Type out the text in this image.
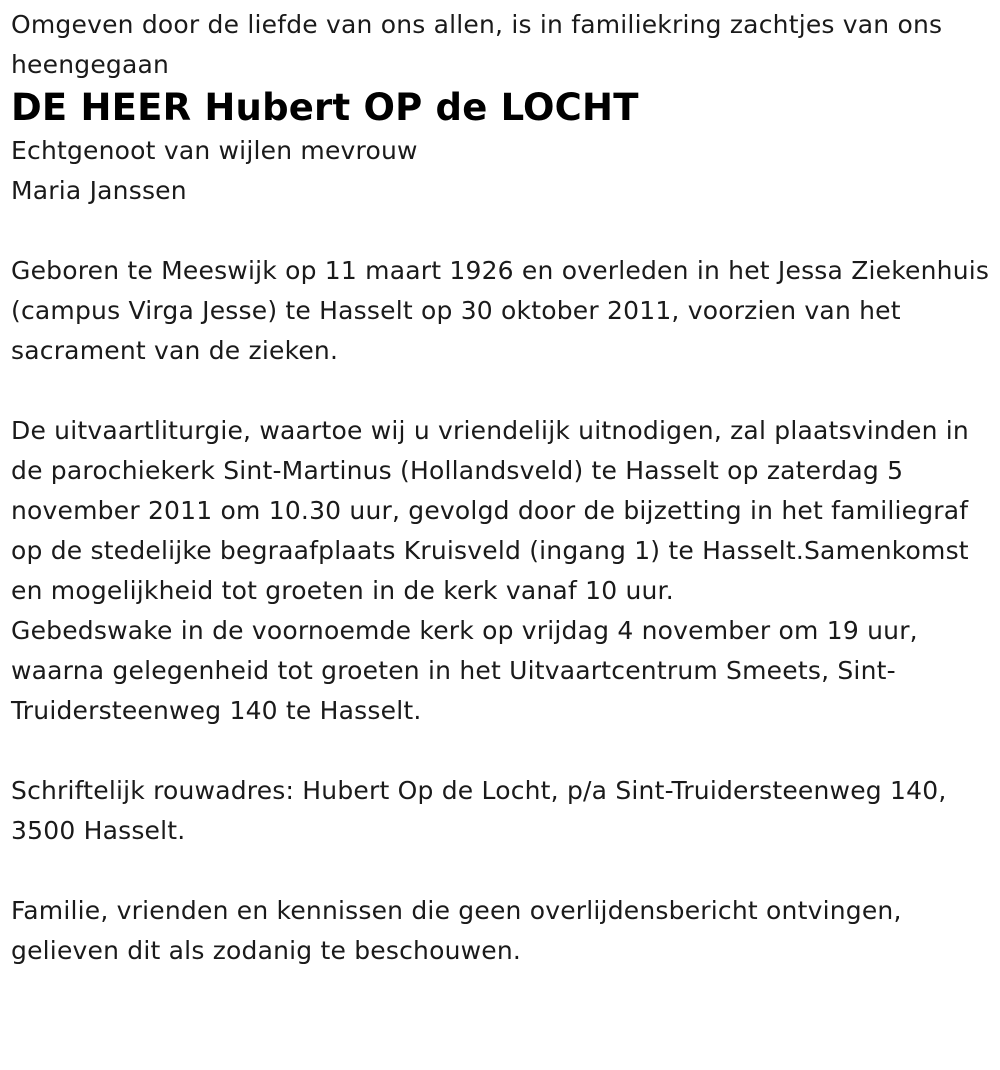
Omgeven door de liefde van ons allen, is in familiekring zachtjes van ons heengegaan

DE HEER Hubert OP de LOCHT

Echtgenoot van wijlen mevrouw

Maria Janssen

Geboren te Meeswijk op 11 maart 1926 en overleden in het Jessa Ziekenhuis (campus Virga Jesse) te Hasselt op 30 oktober 2011, voorzien van het sacrament van de zieken.

De uitvaartliturgie, waartoe wij u vriendelijk uitnodigen, zal plaatsvinden in de parochiekerk Sint-Martinus (Hollandsveld) te Hasselt op zaterdag 5 november 2011 om 10.30 uur, gevolgd door de bijzetting in het familiegraf op de stedelijke begraafplaats Kruisveld (ingang 1) te Hasselt.Samenkomst en mogelijkheid tot groeten in de kerk vanaf 10 uur.

Gebedswake in de voornoemde kerk op vrijdag 4 november om 19 uur, waarna gelegenheid tot groeten in het Uitvaartcentrum Smeets, Sint-Truidersteenweg 140 te Hasselt.

Schriftelijk rouwadres: Hubert Op de Locht, p/a Sint-Truidersteenweg 140, 3500 Hasselt.

Familie, vrienden en kennissen die geen overlijdensbericht ontvingen, gelieven dit als zodanig te beschouwen.
